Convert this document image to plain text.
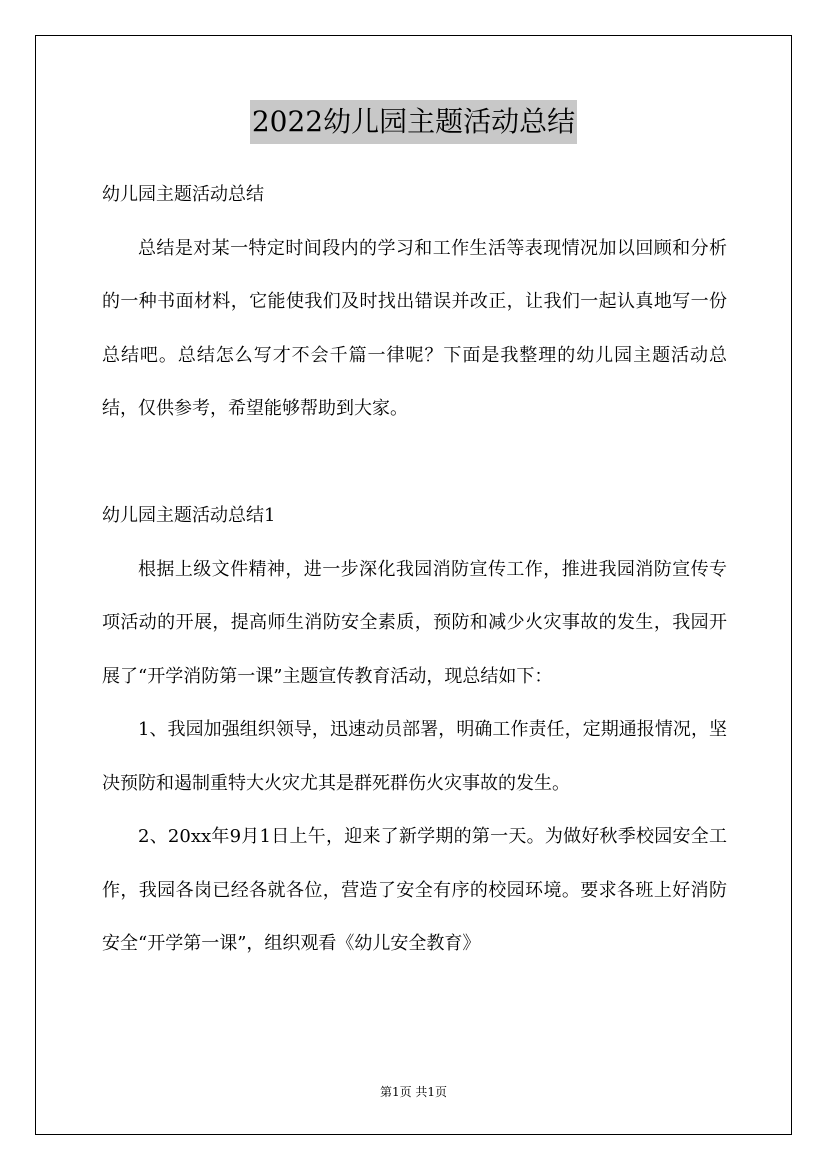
2022幼儿园主题活动总结

幼儿园主题活动总结

总结是对某一特定时间段内的学习和工作生活等表现情况加以回顾和分析的一种书面材料，它能使我们及时找出错误并改正，让我们一起认真地写一份总结吧。总结怎么写才不会千篇一律呢？下面是我整理的幼儿园主题活动总结，仅供参考，希望能够帮助到大家。

幼儿园主题活动总结1

根据上级文件精神，进一步深化我园消防宣传工作，推进我园消防宣传专项活动的开展，提高师生消防安全素质，预防和减少火灾事故的发生，我园开展了“开学消防第一课”主题宣传教育活动，现总结如下：

1、我园加强组织领导，迅速动员部署，明确工作责任，定期通报情况，坚决预防和遏制重特大火灾尤其是群死群伤火灾事故的发生。

2、20xx年9月1日上午，迎来了新学期的第一天。为做好秋季校园安全工作，我园各岗已经各就各位，营造了安全有序的校园环境。要求各班上好消防安全“开学第一课”，组织观看《幼儿安全教育》

第1页 共1页
